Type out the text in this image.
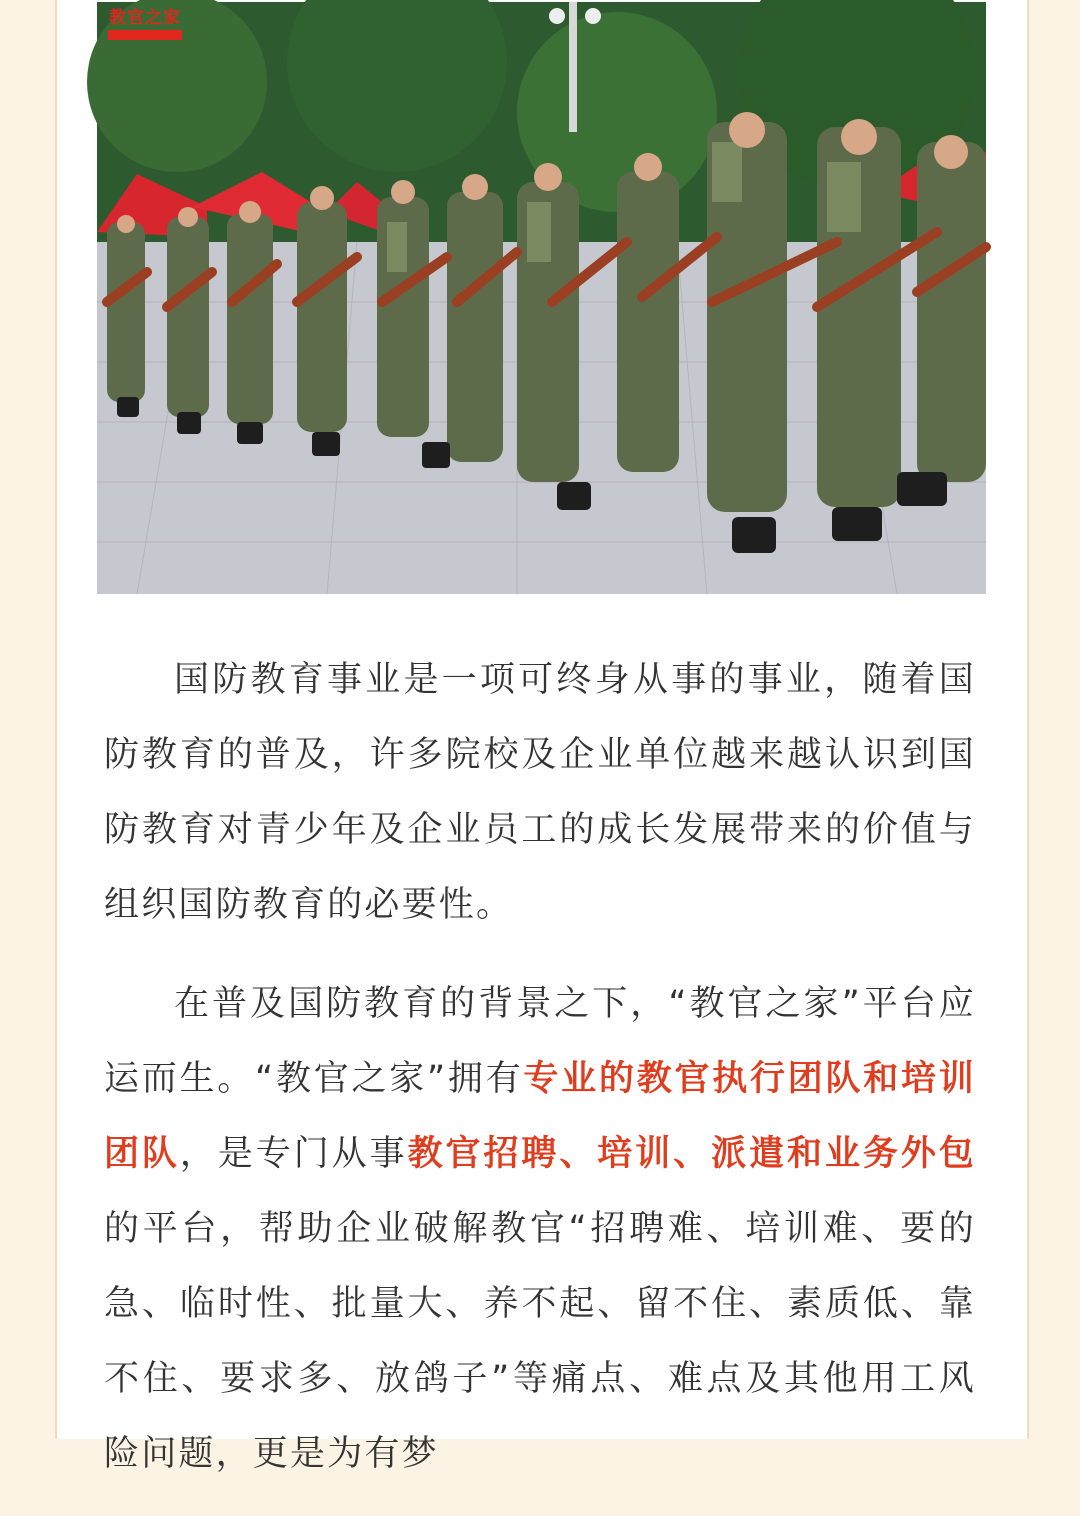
教官之家

国防教育事业是一项可终身从事的事业，随着国防教育的普及，许多院校及企业单位越来越认识到国防教育对青少年及企业员工的成长发展带来的价值与组织国防教育的必要性。

在普及国防教育的背景之下，“教官之家”平台应运而生。“教官之家”拥有专业的教官执行团队和培训团队，是专门从事教官招聘、培训、派遣和业务外包的平台，帮助企业破解教官“招聘难、培训难、要的急、临时性、批量大、养不起、留不住、素质低、靠不住、要求多、放鸽子”等痛点、难点及其他用工风险问题，更是为有梦
